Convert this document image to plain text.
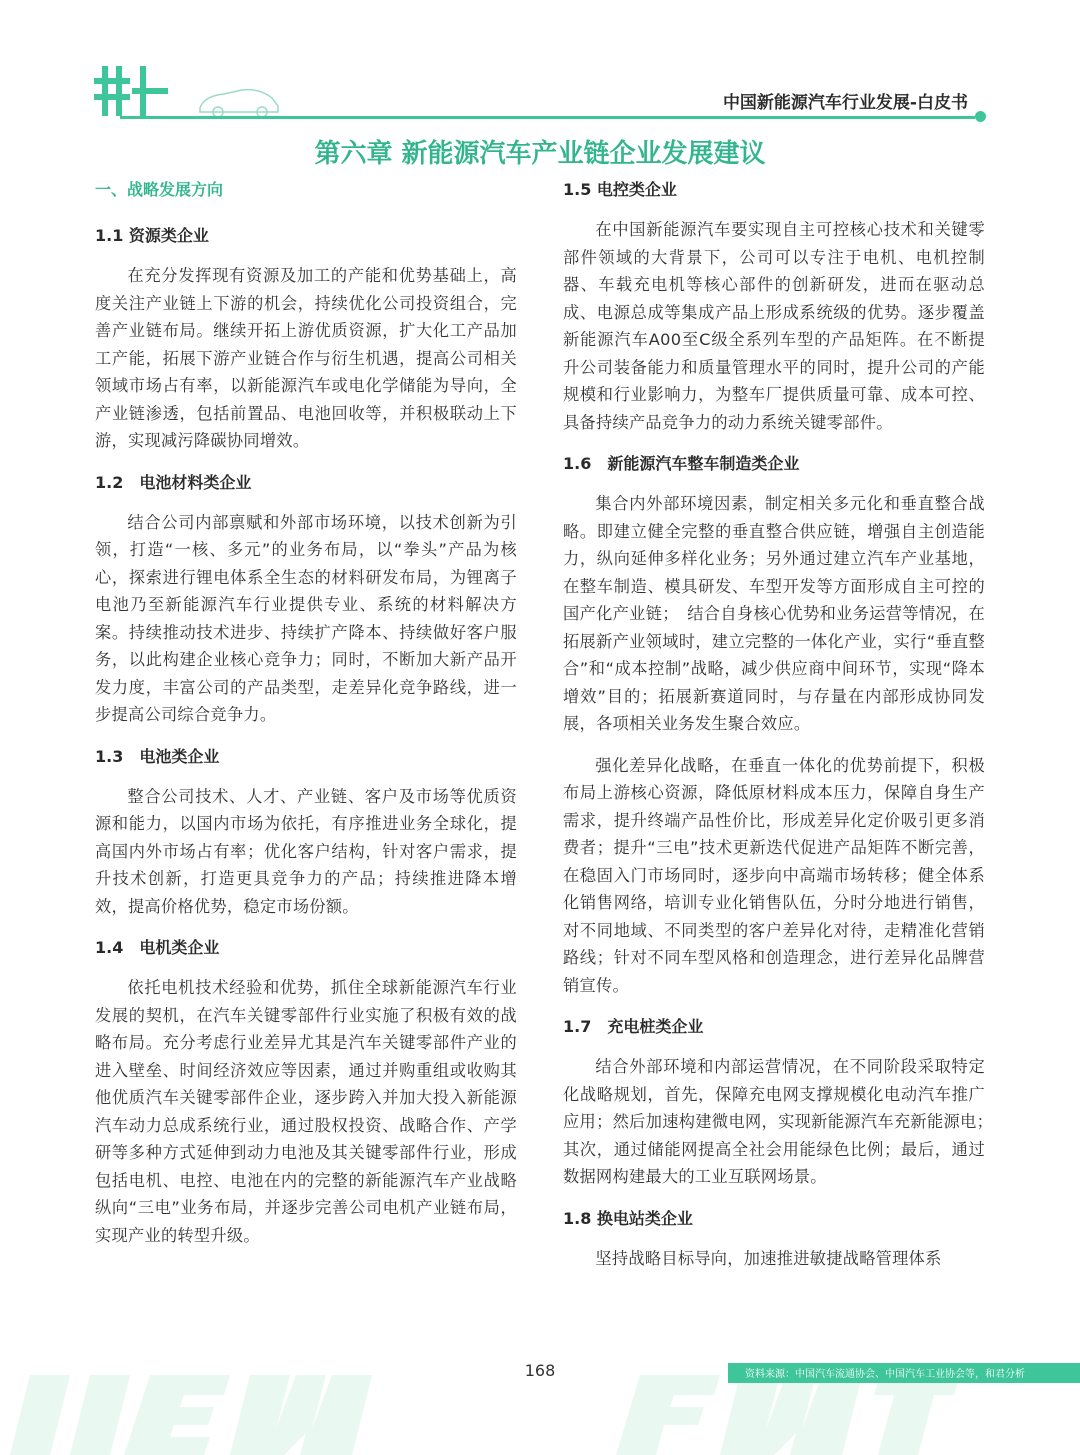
中国新能源汽车行业发展-白皮书
第六章 新能源汽车产业链企业发展建议
一、战略发展方向
1.1 资源类企业

在充分发挥现有资源及加工的产能和优势基础上，高度关注产业链上下游的机会，持续优化公司投资组合，完善产业链布局。继续开拓上游优质资源，扩大化工产品加工产能，拓展下游产业链合作与衍生机遇，提高公司相关领域市场占有率，以新能源汽车或电化学储能为导向，全产业链渗透，包括前置品、电池回收等，并积极联动上下游，实现减污降碳协同增效。

1.2　电池材料类企业

结合公司内部禀赋和外部市场环境，以技术创新为引领，打造“一核、多元”的业务布局，以“拳头”产品为核心，探索进行锂电体系全生态的材料研发布局，为锂离子电池乃至新能源汽车行业提供专业、系统的材料解决方案。持续推动技术进步、持续扩产降本、持续做好客户服务，以此构建企业核心竞争力；同时，不断加大新产品开发力度，丰富公司的产品类型，走差异化竞争路线，进一步提高公司综合竞争力。

1.3　电池类企业

整合公司技术、人才、产业链、客户及市场等优质资源和能力，以国内市场为依托，有序推进业务全球化，提高国内外市场占有率；优化客户结构，针对客户需求，提升技术创新，打造更具竞争力的产品；持续推进降本增效，提高价格优势，稳定市场份额。

1.4　电机类企业

依托电机技术经验和优势，抓住全球新能源汽车行业发展的契机，在汽车关键零部件行业实施了积极有效的战略布局。充分考虑行业差异尤其是汽车关键零部件产业的进入壁垒、时间经济效应等因素，通过并购重组或收购其他优质汽车关键零部件企业，逐步跨入并加大投入新能源汽车动力总成系统行业，通过股权投资、战略合作、产学研等多种方式延伸到动力电池及其关键零部件行业，形成包括电机、电控、电池在内的完整的新能源汽车产业战略纵向“三电”业务布局，并逐步完善公司电机产业链布局，实现产业的转型升级。

1.5 电控类企业

在中国新能源汽车要实现自主可控核心技术和关键零部件领域的大背景下，公司可以专注于电机、电机控制器、车载充电机等核心部件的创新研发，进而在驱动总成、电源总成等集成产品上形成系统级的优势。逐步覆盖新能源汽车A00至C级全系列车型的产品矩阵。在不断提升公司装备能力和质量管理水平的同时，提升公司的产能规模和行业影响力，为整车厂提供质量可靠、成本可控、具备持续产品竞争力的动力系统关键零部件。

1.6　新能源汽车整车制造类企业

集合内外部环境因素，制定相关多元化和垂直整合战略。即建立健全完整的垂直整合供应链，增强自主创造能力，纵向延伸多样化业务；另外通过建立汽车产业基地，在整车制造、模具研发、车型开发等方面形成自主可控的国产化产业链；　结合自身核心优势和业务运营等情况，在拓展新产业领域时，建立完整的一体化产业，实行“垂直整合”和“成本控制”战略，减少供应商中间环节，实现“降本增效”目的；拓展新赛道同时，与存量在内部形成协同发展，各项相关业务发生聚合效应。

强化差异化战略，在垂直一体化的优势前提下，积极布局上游核心资源，降低原材料成本压力，保障自身生产需求，提升终端产品性价比，形成差异化定价吸引更多消费者；提升“三电”技术更新迭代促进产品矩阵不断完善，在稳固入门市场同时，逐步向中高端市场转移；健全体系化销售网络，培训专业化销售队伍，分时分地进行销售，对不同地域、不同类型的客户差异化对待，走精准化营销路线；针对不同车型风格和创造理念，进行差异化品牌营销宣传。

1.7　充电桩类企业

结合外部环境和内部运营情况，在不同阶段采取特定化战略规划，首先，保障充电网支撑规模化电动汽车推广应用；然后加速构建微电网，实现新能源汽车充新能源电；　其次，通过储能网提高全社会用能绿色比例；最后，通过数据网构建最大的工业互联网场景。

1.8 换电站类企业

坚持战略目标导向，加速推进敏捷战略管理体系

168	资料来源：中国汽车流通协会、中国汽车工业协会等，和君分析
